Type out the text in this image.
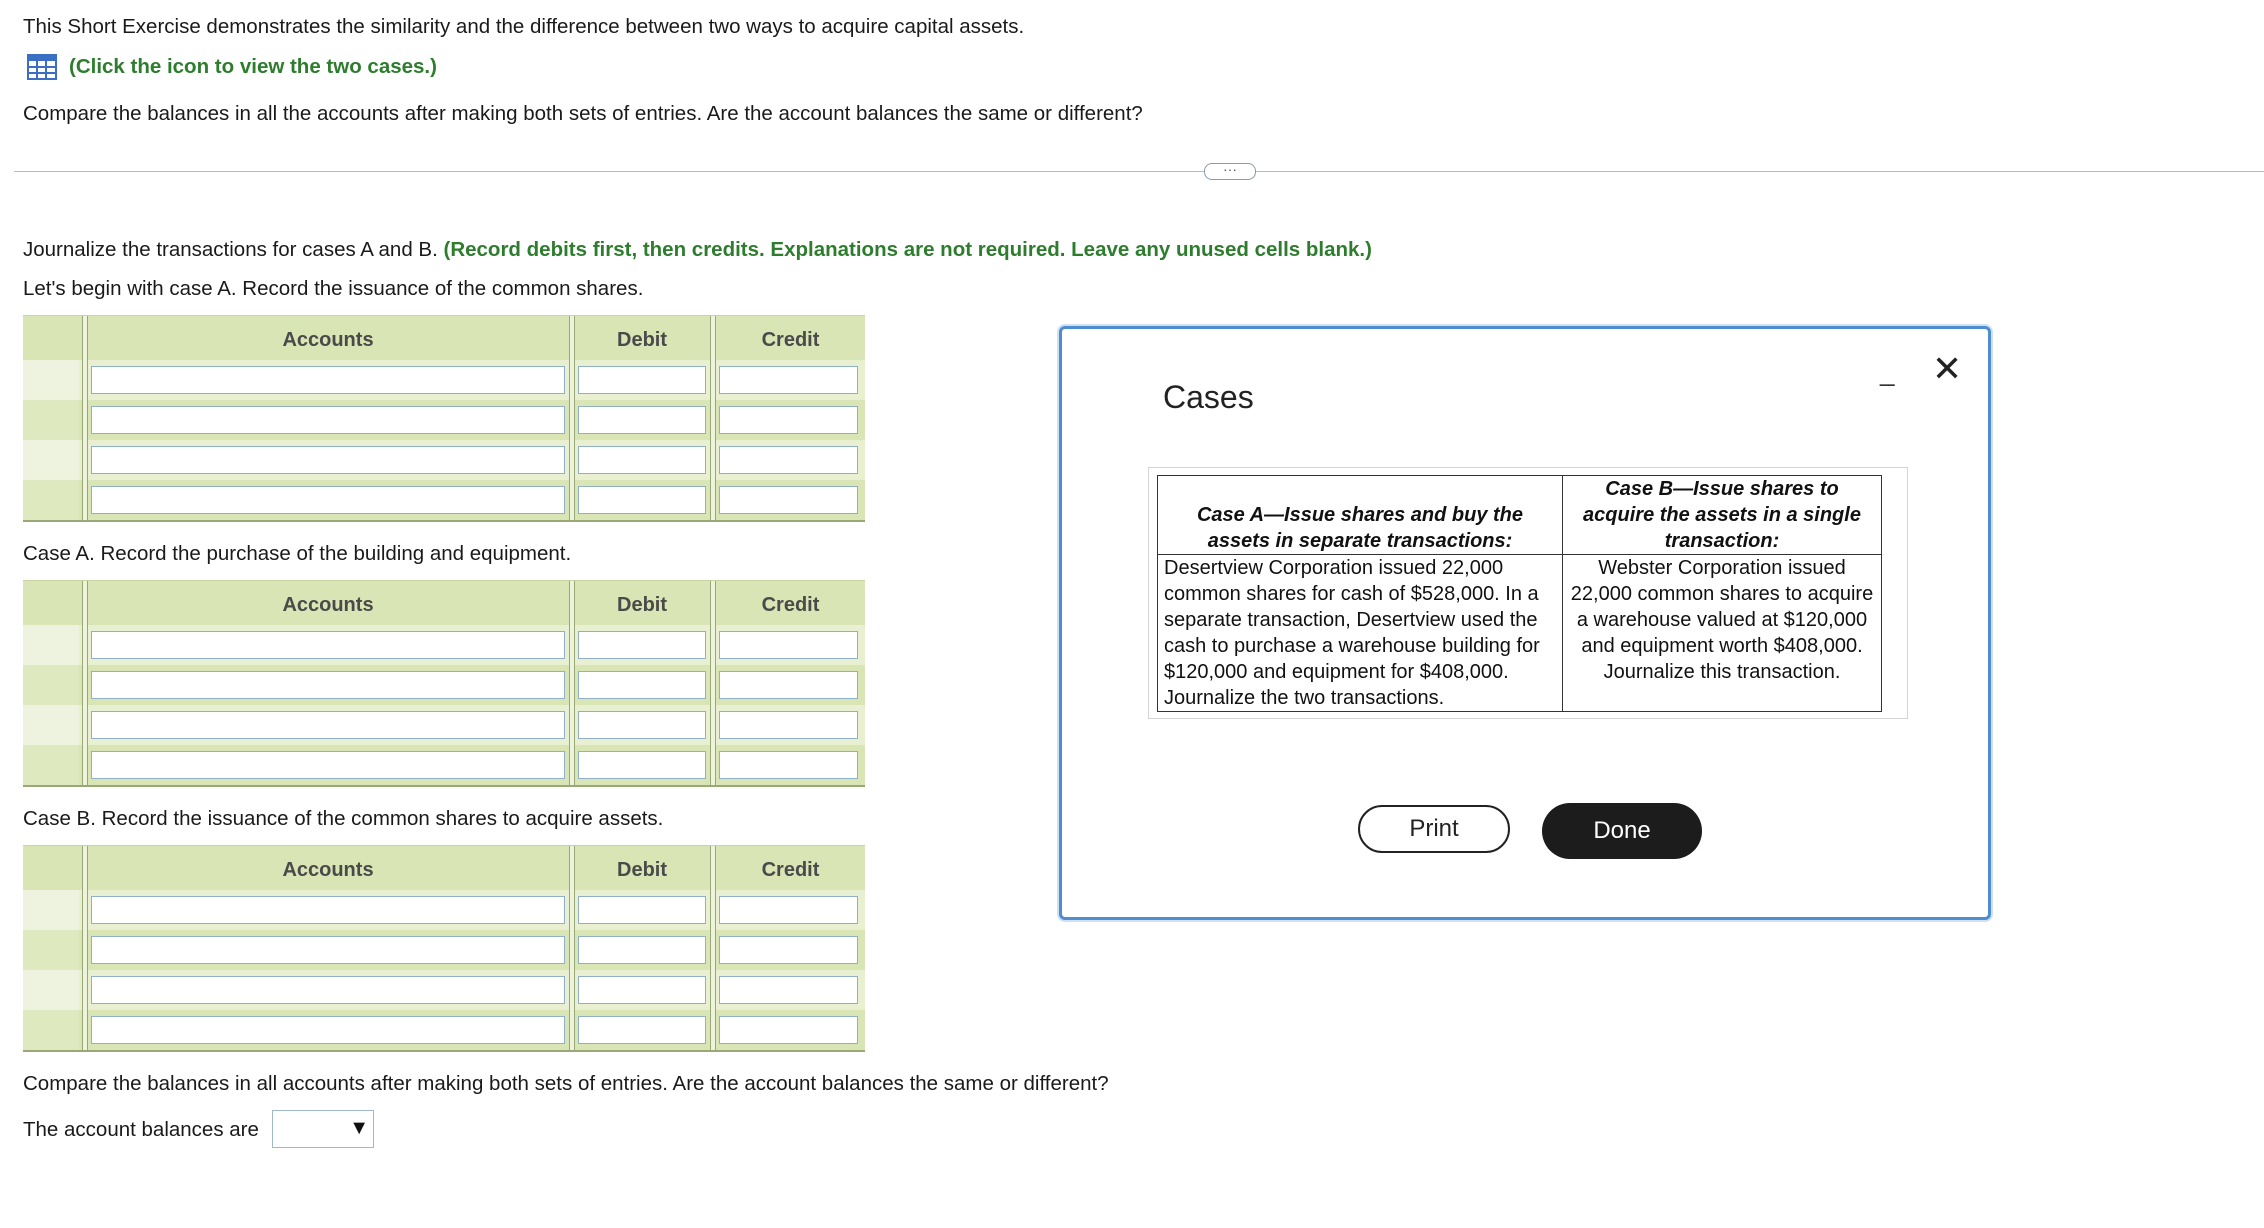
This Short Exercise demonstrates the similarity and the difference between two ways to acquire capital assets.
(Click the icon to view the two cases.)
Compare the balances in all the accounts after making both sets of entries. Are the account balances the same or different?
···
Journalize the transactions for cases A and B. (Record debits first, then credits. Explanations are not required. Leave any unused cells blank.)
Let's begin with case A. Record the issuance of the common shares.
Accounts	Debit	Credit
Case A. Record the purchase of the building and equipment.
Accounts	Debit	Credit
Case B. Record the issuance of the common shares to acquire assets.
Accounts	Debit	Credit
Compare the balances in all accounts after making both sets of entries. Are the account balances the same or different?
The account balances are	▼
Cases
_ ✕
Case A—Issue shares and buy the assets in separate transactions:	Case B—Issue shares to acquire the assets in a single transaction:
Desertview Corporation issued 22,000 common shares for cash of $528,000. In a separate transaction, Desertview used the cash to purchase a warehouse building for $120,000 and equipment for $408,000. Journalize the two transactions.	Webster Corporation issued 22,000 common shares to acquire a warehouse valued at $120,000 and equipment worth $408,000. Journalize this transaction.
Print	Done
